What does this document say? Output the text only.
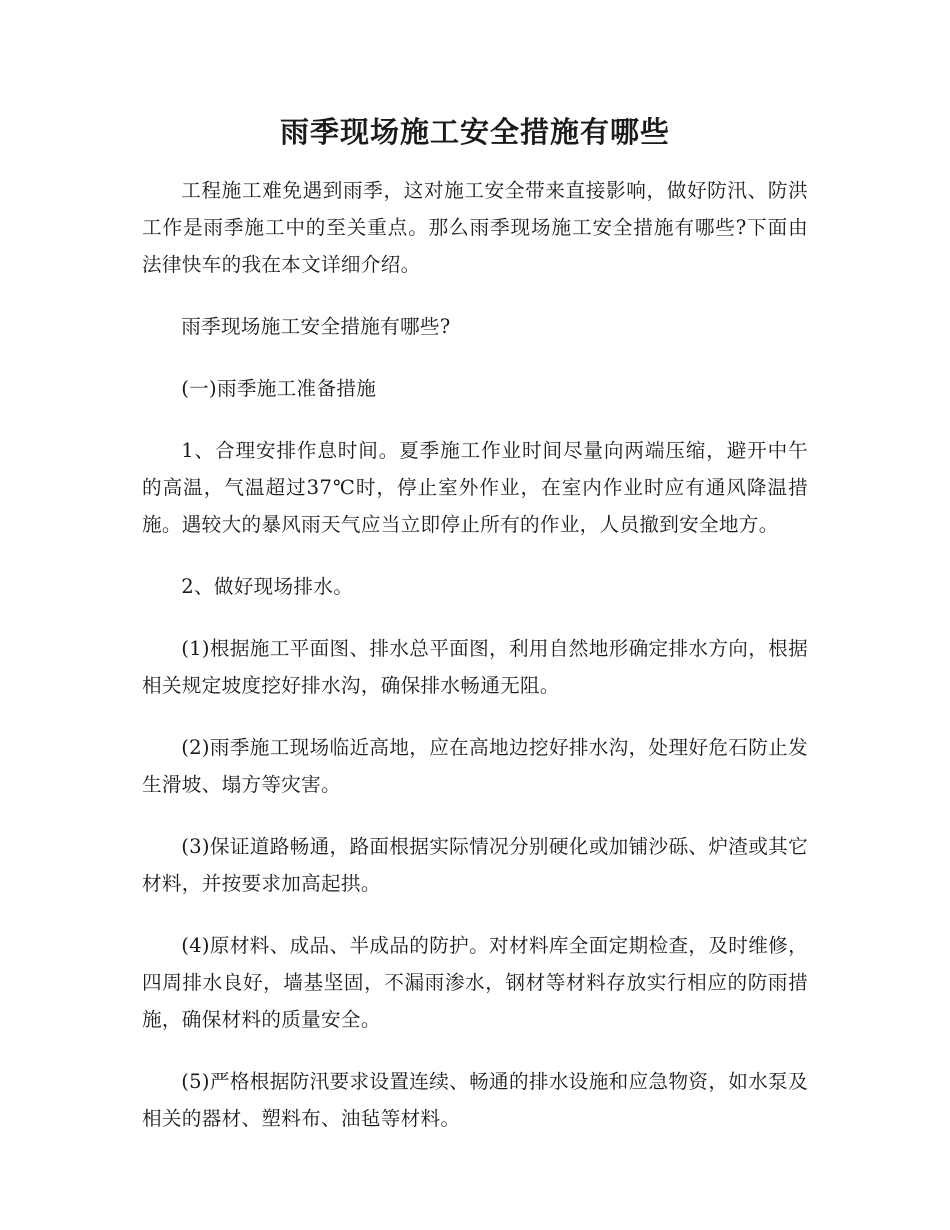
雨季现场施工安全措施有哪些

工程施工难免遇到雨季，这对施工安全带来直接影响，做好防汛、防洪工作是雨季施工中的至关重点。那么雨季现场施工安全措施有哪些?下面由法律快车的我在本文详细介绍。

雨季现场施工安全措施有哪些?

(一)雨季施工准备措施

1、合理安排作息时间。夏季施工作业时间尽量向两端压缩，避开中午的高温，气温超过37℃时，停止室外作业，在室内作业时应有通风降温措施。遇较大的暴风雨天气应当立即停止所有的作业，人员撤到安全地方。

2、做好现场排水。

(1)根据施工平面图、排水总平面图，利用自然地形确定排水方向，根据相关规定坡度挖好排水沟，确保排水畅通无阻。

(2)雨季施工现场临近高地，应在高地边挖好排水沟，处理好危石防止发生滑坡、塌方等灾害。

(3)保证道路畅通，路面根据实际情况分别硬化或加铺沙砾、炉渣或其它材料，并按要求加高起拱。

(4)原材料、成品、半成品的防护。对材料库全面定期检查，及时维修，四周排水良好，墙基坚固，不漏雨渗水，钢材等材料存放实行相应的防雨措施，确保材料的质量安全。

(5)严格根据防汛要求设置连续、畅通的排水设施和应急物资，如水泵及相关的器材、塑料布、油毡等材料。
